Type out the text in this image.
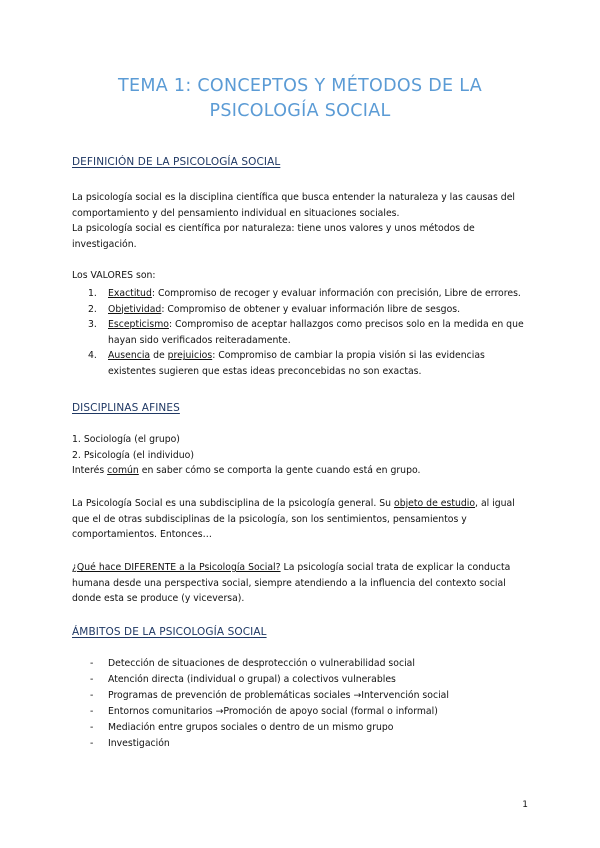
TEMA 1: CONCEPTOS Y MÉTODOS DE LA
PSICOLOGÍA SOCIAL
DEFINICIÓN DE LA PSICOLOGÍA SOCIAL
La psicología social es la disciplina científica que busca entender la naturaleza y las causas del
comportamiento y del pensamiento individual en situaciones sociales.
La psicología social es científica por naturaleza: tiene unos valores y unos métodos de
investigación.
Los VALORES son:
1. Exactitud: Compromiso de recoger y evaluar información con precisión, Libre de errores.
2. Objetividad: Compromiso de obtener y evaluar información libre de sesgos.
3. Escepticismo: Compromiso de aceptar hallazgos como precisos solo en la medida en que
hayan sido verificados reiteradamente.
4. Ausencia de prejuicios: Compromiso de cambiar la propia visión si las evidencias
existentes sugieren que estas ideas preconcebidas no son exactas.
DISCIPLINAS AFINES
1. Sociología (el grupo)
2. Psicología (el individuo)
Interés común en saber cómo se comporta la gente cuando está en grupo.
La Psicología Social es una subdisciplina de la psicología general. Su objeto de estudio, al igual
que el de otras subdisciplinas de la psicología, son los sentimientos, pensamientos y
comportamientos. Entonces…
¿Qué hace DIFERENTE a la Psicología Social? La psicología social trata de explicar la conducta
humana desde una perspectiva social, siempre atendiendo a la influencia del contexto social
donde esta se produce (y viceversa).
ÁMBITOS DE LA PSICOLOGÍA SOCIAL
- Detección de situaciones de desprotección o vulnerabilidad social
- Atención directa (individual o grupal) a colectivos vulnerables
- Programas de prevención de problemáticas sociales →Intervención social
- Entornos comunitarios →Promoción de apoyo social (formal o informal)
- Mediación entre grupos sociales o dentro de un mismo grupo
- Investigación
1
